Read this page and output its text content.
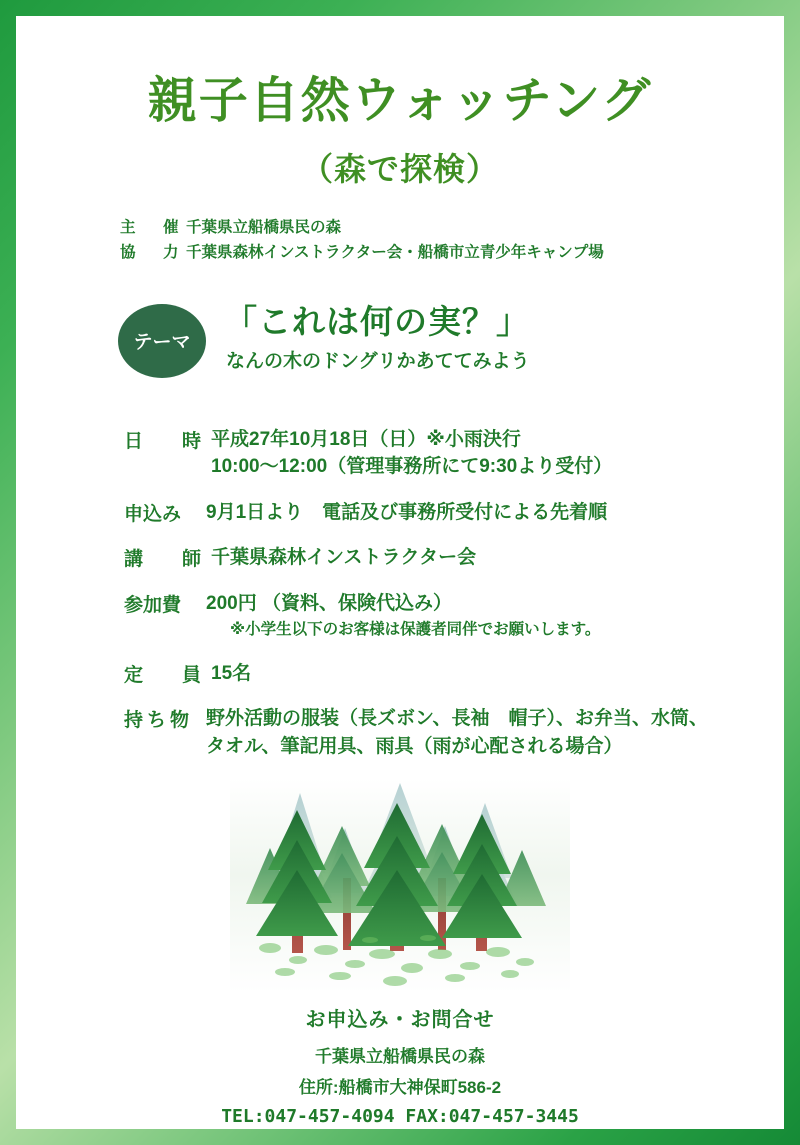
親子自然ウォッチング
（森で探検）
主　催千葉県立船橋県民の森
協　力千葉県森林インストラクター会・船橋市立青少年キャンプ場
テーマ
「これは何の実？」
なんの木のドングリかあててみよう
日　時 平成27年10月18日（日）※小雨決行
10:00～12:00（管理事務所にて9:30より受付）
申込み	9月1日より　電話及び事務所受付による先着順
講　師 千葉県森林インストラクター会
参加費	200円 （資料、保険代込み）
※小学生以下のお客様は保護者同伴でお願いします。
定　員 15名
持ち物 野外活動の服装（長ズボン、長袖　帽子）、お弁当、水筒、
タオル、筆記用具、雨具（雨が心配される場合）
お申込み・お問合せ
千葉県立船橋県民の森
住所:船橋市大神保町586-2
TEL:047-457-4094 FAX:047-457-3445
